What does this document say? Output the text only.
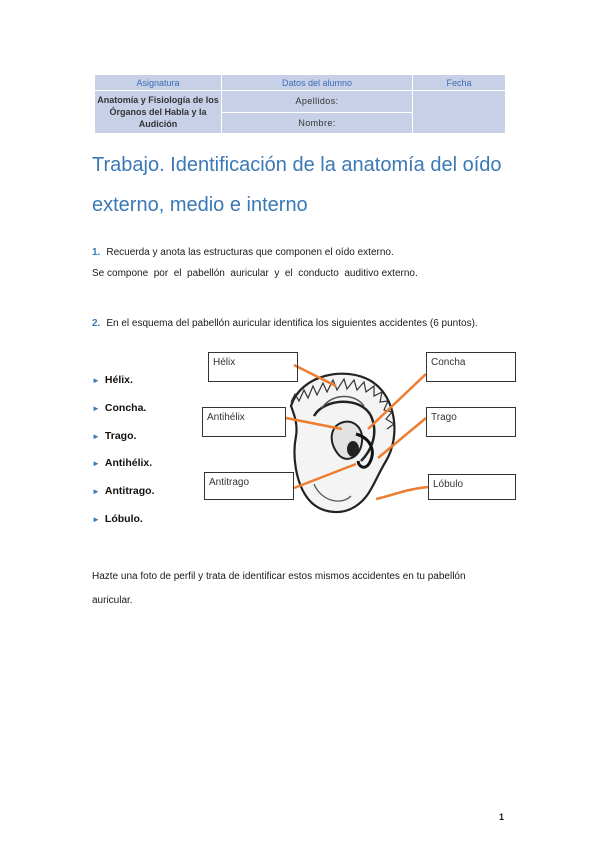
Asignatura	Datos del alumno	Fecha
Anatomía y Fisiología de los Órganos del Habla y la Audición	Apellidos:	
	Nombre:	
Trabajo. Identificación de la anatomía del oído externo, medio e interno

1. Recuerda y anota las estructuras que componen el oído externo.

Se compone  por  el  pabellón  auricular  y  el  conducto  auditivo externo.

2. En el esquema del pabellón auricular identifica los siguientes accidentes (6 puntos).

► Hélix.
► Concha.
► Trago.
► Antihélix.
► Antitrago.
► Lóbulo.
Hélix	Concha
Antihélix	Trago
Antitrago	Lóbulo

Hazte una foto de perfil y trata de identificar estos mismos accidentes en tu pabellón auricular.

1
